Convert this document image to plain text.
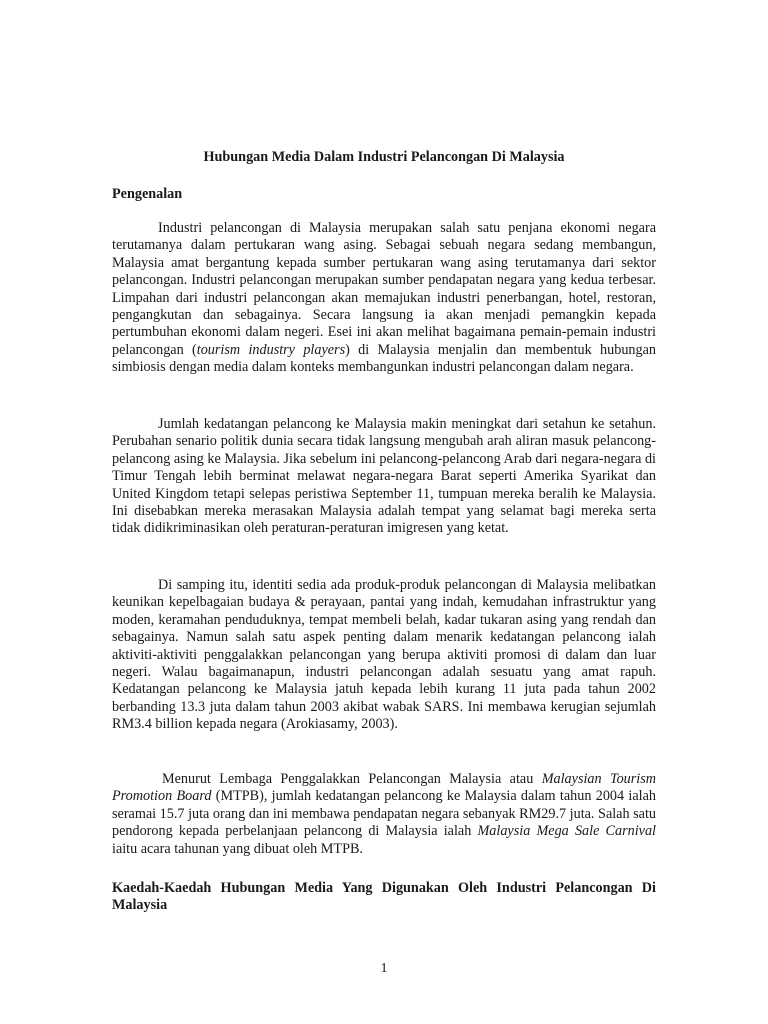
Hubungan Media Dalam Industri Pelancongan Di Malaysia
Pengenalan

Industri pelancongan di Malaysia merupakan salah satu penjana ekonomi negara terutamanya dalam pertukaran wang asing. Sebagai sebuah negara sedang membangun, Malaysia amat bergantung kepada sumber pertukaran wang asing terutamanya dari sektor pelancongan. Industri pelancongan merupakan sumber pendapatan negara yang kedua terbesar. Limpahan dari industri pelancongan akan memajukan industri penerbangan, hotel, restoran, pengangkutan dan sebagainya. Secara langsung ia akan menjadi pemangkin kepada pertumbuhan ekonomi dalam negeri. Esei ini akan melihat bagaimana pemain-pemain industri pelancongan (tourism industry players) di Malaysia menjalin dan membentuk hubungan simbiosis dengan media dalam konteks membangunkan industri pelancongan dalam negara.

Jumlah kedatangan pelancong ke Malaysia makin meningkat dari setahun ke setahun. Perubahan senario politik dunia secara tidak langsung mengubah arah aliran masuk pelancong-pelancong asing ke Malaysia. Jika sebelum ini pelancong-pelancong Arab dari negara-negara di Timur Tengah lebih berminat melawat negara-negara Barat seperti Amerika Syarikat dan United Kingdom tetapi selepas peristiwa September 11, tumpuan mereka beralih ke Malaysia. Ini disebabkan mereka merasakan Malaysia adalah tempat yang selamat bagi mereka serta tidak didikriminasikan oleh peraturan-peraturan imigresen yang ketat.

Di samping itu, identiti sedia ada produk-produk pelancongan di Malaysia melibatkan keunikan kepelbagaian budaya & perayaan, pantai yang indah, kemudahan infrastruktur yang moden, keramahan penduduknya, tempat membeli belah, kadar tukaran asing yang rendah dan sebagainya. Namun salah satu aspek penting dalam menarik kedatangan pelancong ialah aktiviti-aktiviti penggalakkan pelancongan yang berupa aktiviti promosi di dalam dan luar negeri. Walau bagaimanapun, industri pelancongan adalah sesuatu yang amat rapuh. Kedatangan pelancong ke Malaysia jatuh kepada lebih kurang 11 juta pada tahun 2002 berbanding 13.3 juta dalam tahun 2003 akibat wabak SARS. Ini membawa kerugian sejumlah RM3.4 billion kepada negara (Arokiasamy, 2003).

Menurut Lembaga Penggalakkan Pelancongan Malaysia atau Malaysian Tourism Promotion Board (MTPB), jumlah kedatangan pelancong ke Malaysia dalam tahun 2004 ialah seramai 15.7 juta orang dan ini membawa pendapatan negara sebanyak RM29.7 juta. Salah satu pendorong kepada perbelanjaan pelancong di Malaysia ialah Malaysia Mega Sale Carnival iaitu acara tahunan yang dibuat oleh MTPB.

Kaedah-Kaedah Hubungan Media Yang Digunakan Oleh Industri Pelancongan Di Malaysia
1
